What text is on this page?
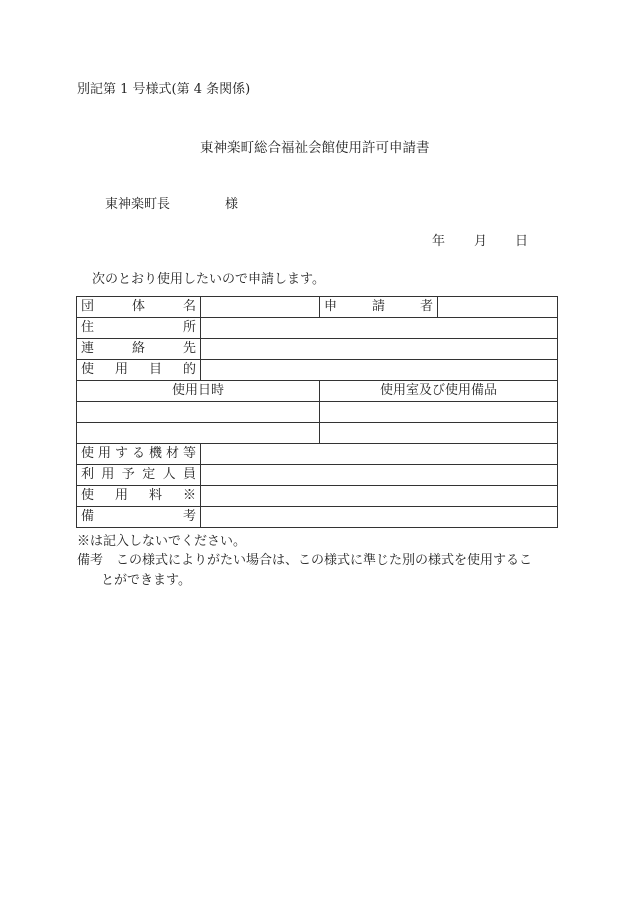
別記第 1 号様式(第 4 条関係)
東神楽町総合福祉会館使用許可申請書
東神楽町長	様
年 月 日
次のとおり使用したいので申請します。
団体名		申請者	
住所			
連絡先			
使用目的			
使用日時		使用室及び使用備品	

使用する機材等			
利用予定人員			
使用料※			
備考			
※は記入しないでください。
備考　この様式によりがたい場合は、この様式に準じた別の様式を使用するこ
とができます。
